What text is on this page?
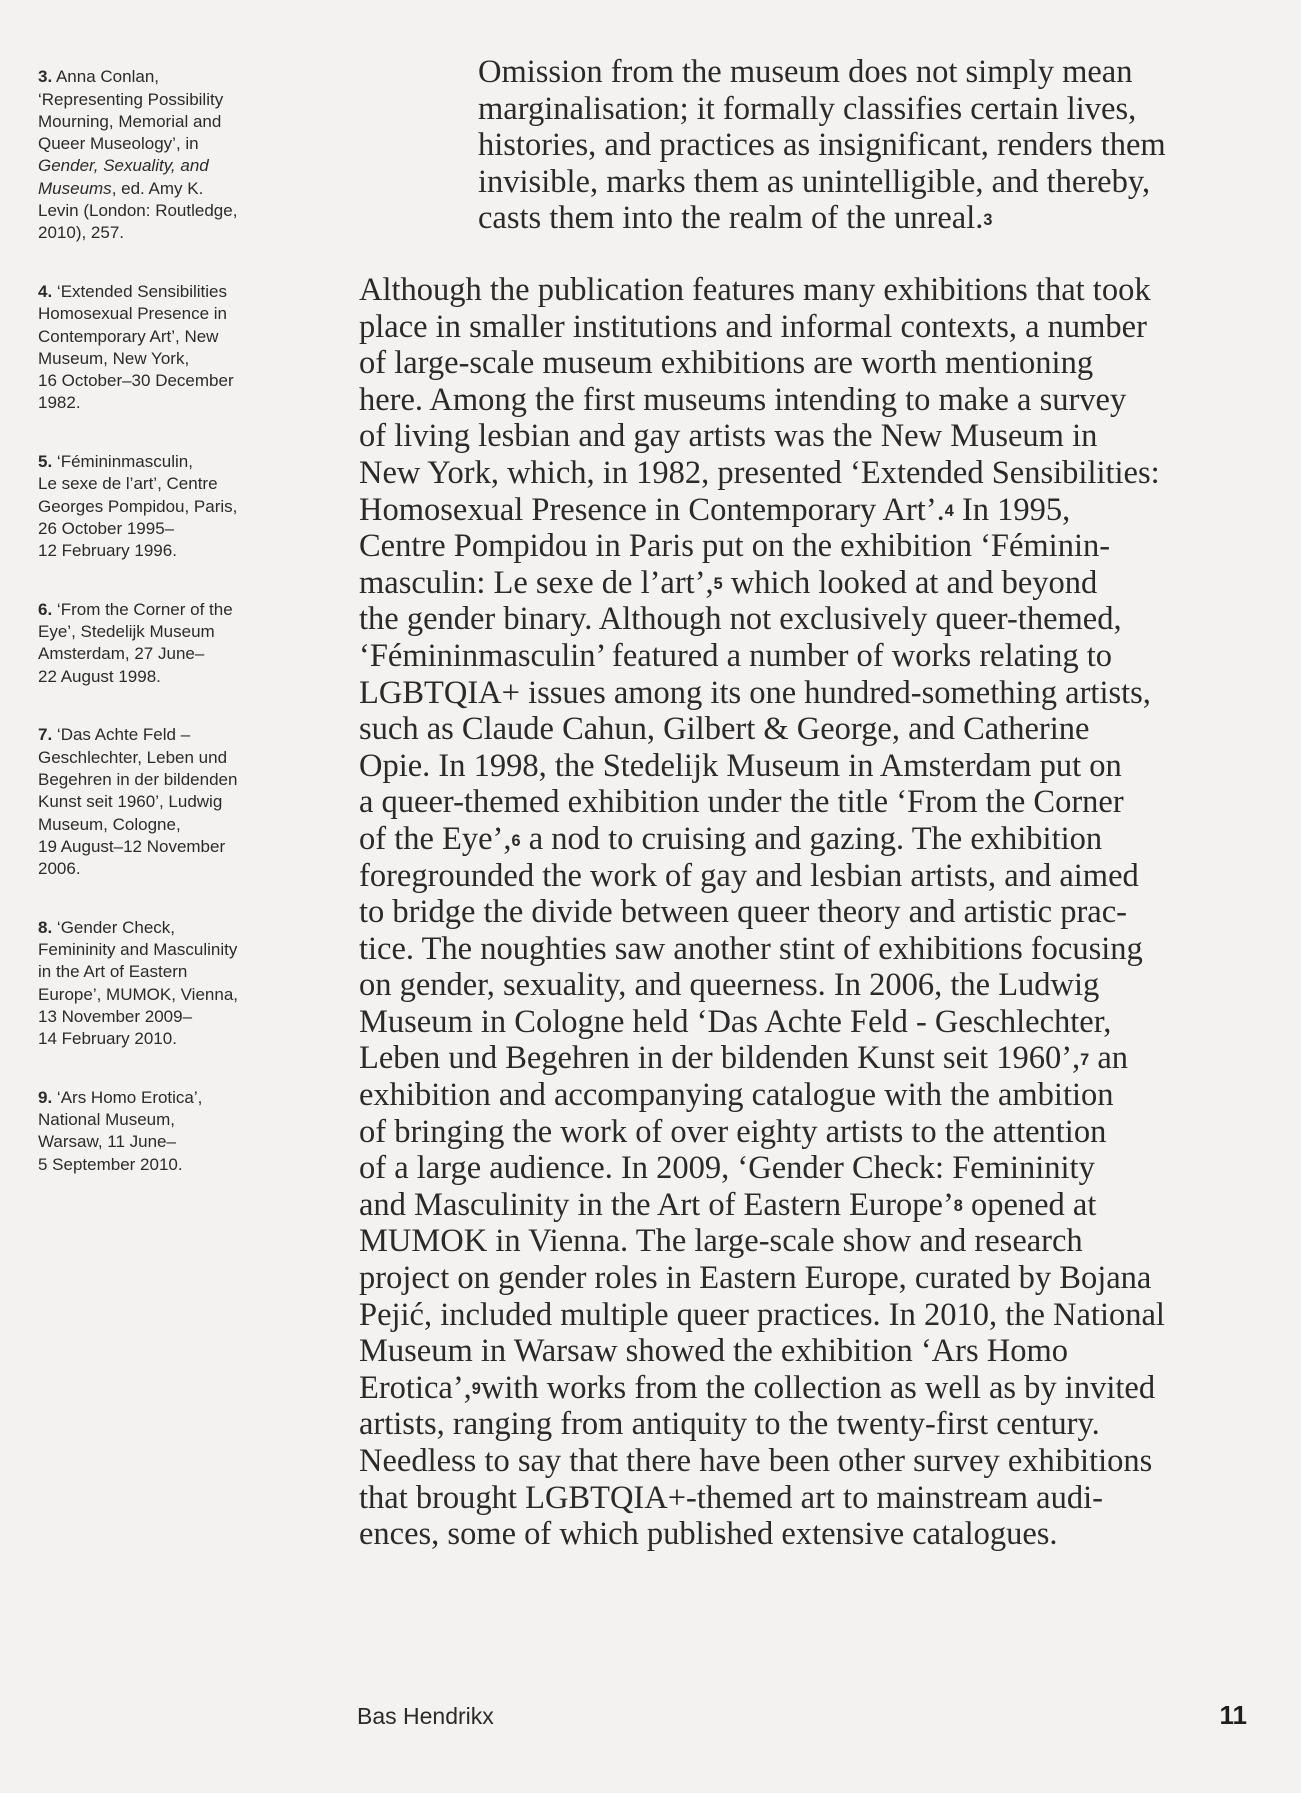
3. Anna Conlan,
‘Representing Possibility
Mourning, Memorial and
Queer Museology’, in
Gender, Sexuality, and
Museums, ed. Amy K.
Levin (London: Routledge,
2010), 257.

4. ‘Extended Sensibilities
Homosexual Presence in
Contemporary Art’, New
Museum, New York,
16 October–30 December
1982.

5. ‘Fémininmasculin,
Le sexe de l’art’, Centre
Georges Pompidou, Paris,
26 October 1995–
12 February 1996.

6. ‘From the Corner of the
Eye’, Stedelijk Museum
Amsterdam, 27 June–
22 August 1998.

7. ‘Das Achte Feld –
Geschlechter, Leben und
Begehren in der bildenden
Kunst seit 1960’, Ludwig
Museum, Cologne,
19 August–12 November
2006.

8. ‘Gender Check,
Femininity and Masculinity
in the Art of Eastern
Europe’, MUMOK, Vienna,
13 November 2009–
14 February 2010.

9. ‘Ars Homo Erotica’,
National Museum,
Warsaw, 11 June–
5 September 2010.

Omission from the museum does not simply mean
marginalisation; it formally classifies certain lives,
histories, and practices as insignificant, renders them
invisible, marks them as unintelligible, and thereby,
casts them into the realm of the unreal.$^3$
Although the publication features many exhibitions that took
place in smaller institutions and informal contexts, a number
of large-scale museum exhibitions are worth mentioning
here. Among the first museums intending to make a survey
of living lesbian and gay artists was the New Museum in
New York, which, in 1982, presented ‘Extended Sensibilities:
Homosexual Presence in Contemporary Art’.$^4$ In 1995,
Centre Pompidou in Paris put on the exhibition ‘Féminin-
masculin: Le sexe de l’art’,$^5$ which looked at and beyond
the gender binary. Although not exclusively queer-themed,
‘Fémininmasculin’ featured a number of works relating to
LGBTQIA+ issues among its one hundred-something artists,
such as Claude Cahun, Gilbert & George, and Catherine
Opie. In 1998, the Stedelijk Museum in Amsterdam put on
a queer-themed exhibition under the title ‘From the Corner
of the Eye’,$^6$ a nod to cruising and gazing. The exhibition
foregrounded the work of gay and lesbian artists, and aimed
to bridge the divide between queer theory and artistic prac-
tice. The noughties saw another stint of exhibitions focusing
on gender, sexuality, and queerness. In 2006, the Ludwig
Museum in Cologne held ‘Das Achte Feld - Geschlechter,
Leben und Begehren in der bildenden Kunst seit 1960’,$^7$ an
exhibition and accompanying catalogue with the ambition
of bringing the work of over eighty artists to the attention
of a large audience. In 2009, ‘Gender Check: Femininity
and Masculinity in the Art of Eastern Europe’$^8$ opened at
MUMOK in Vienna. The large-scale show and research
project on gender roles in Eastern Europe, curated by Bojana
Pejić, included multiple queer practices. In 2010, the National
Museum in Warsaw showed the exhibition ‘Ars Homo
Erotica’,$^9$with works from the collection as well as by invited
artists, ranging from antiquity to the twenty-first century.
Needless to say that there have been other survey exhibitions
that brought LGBTQIA+-themed art to mainstream audi-
ences, some of which published extensive catalogues.
Bas Hendrikx	11
